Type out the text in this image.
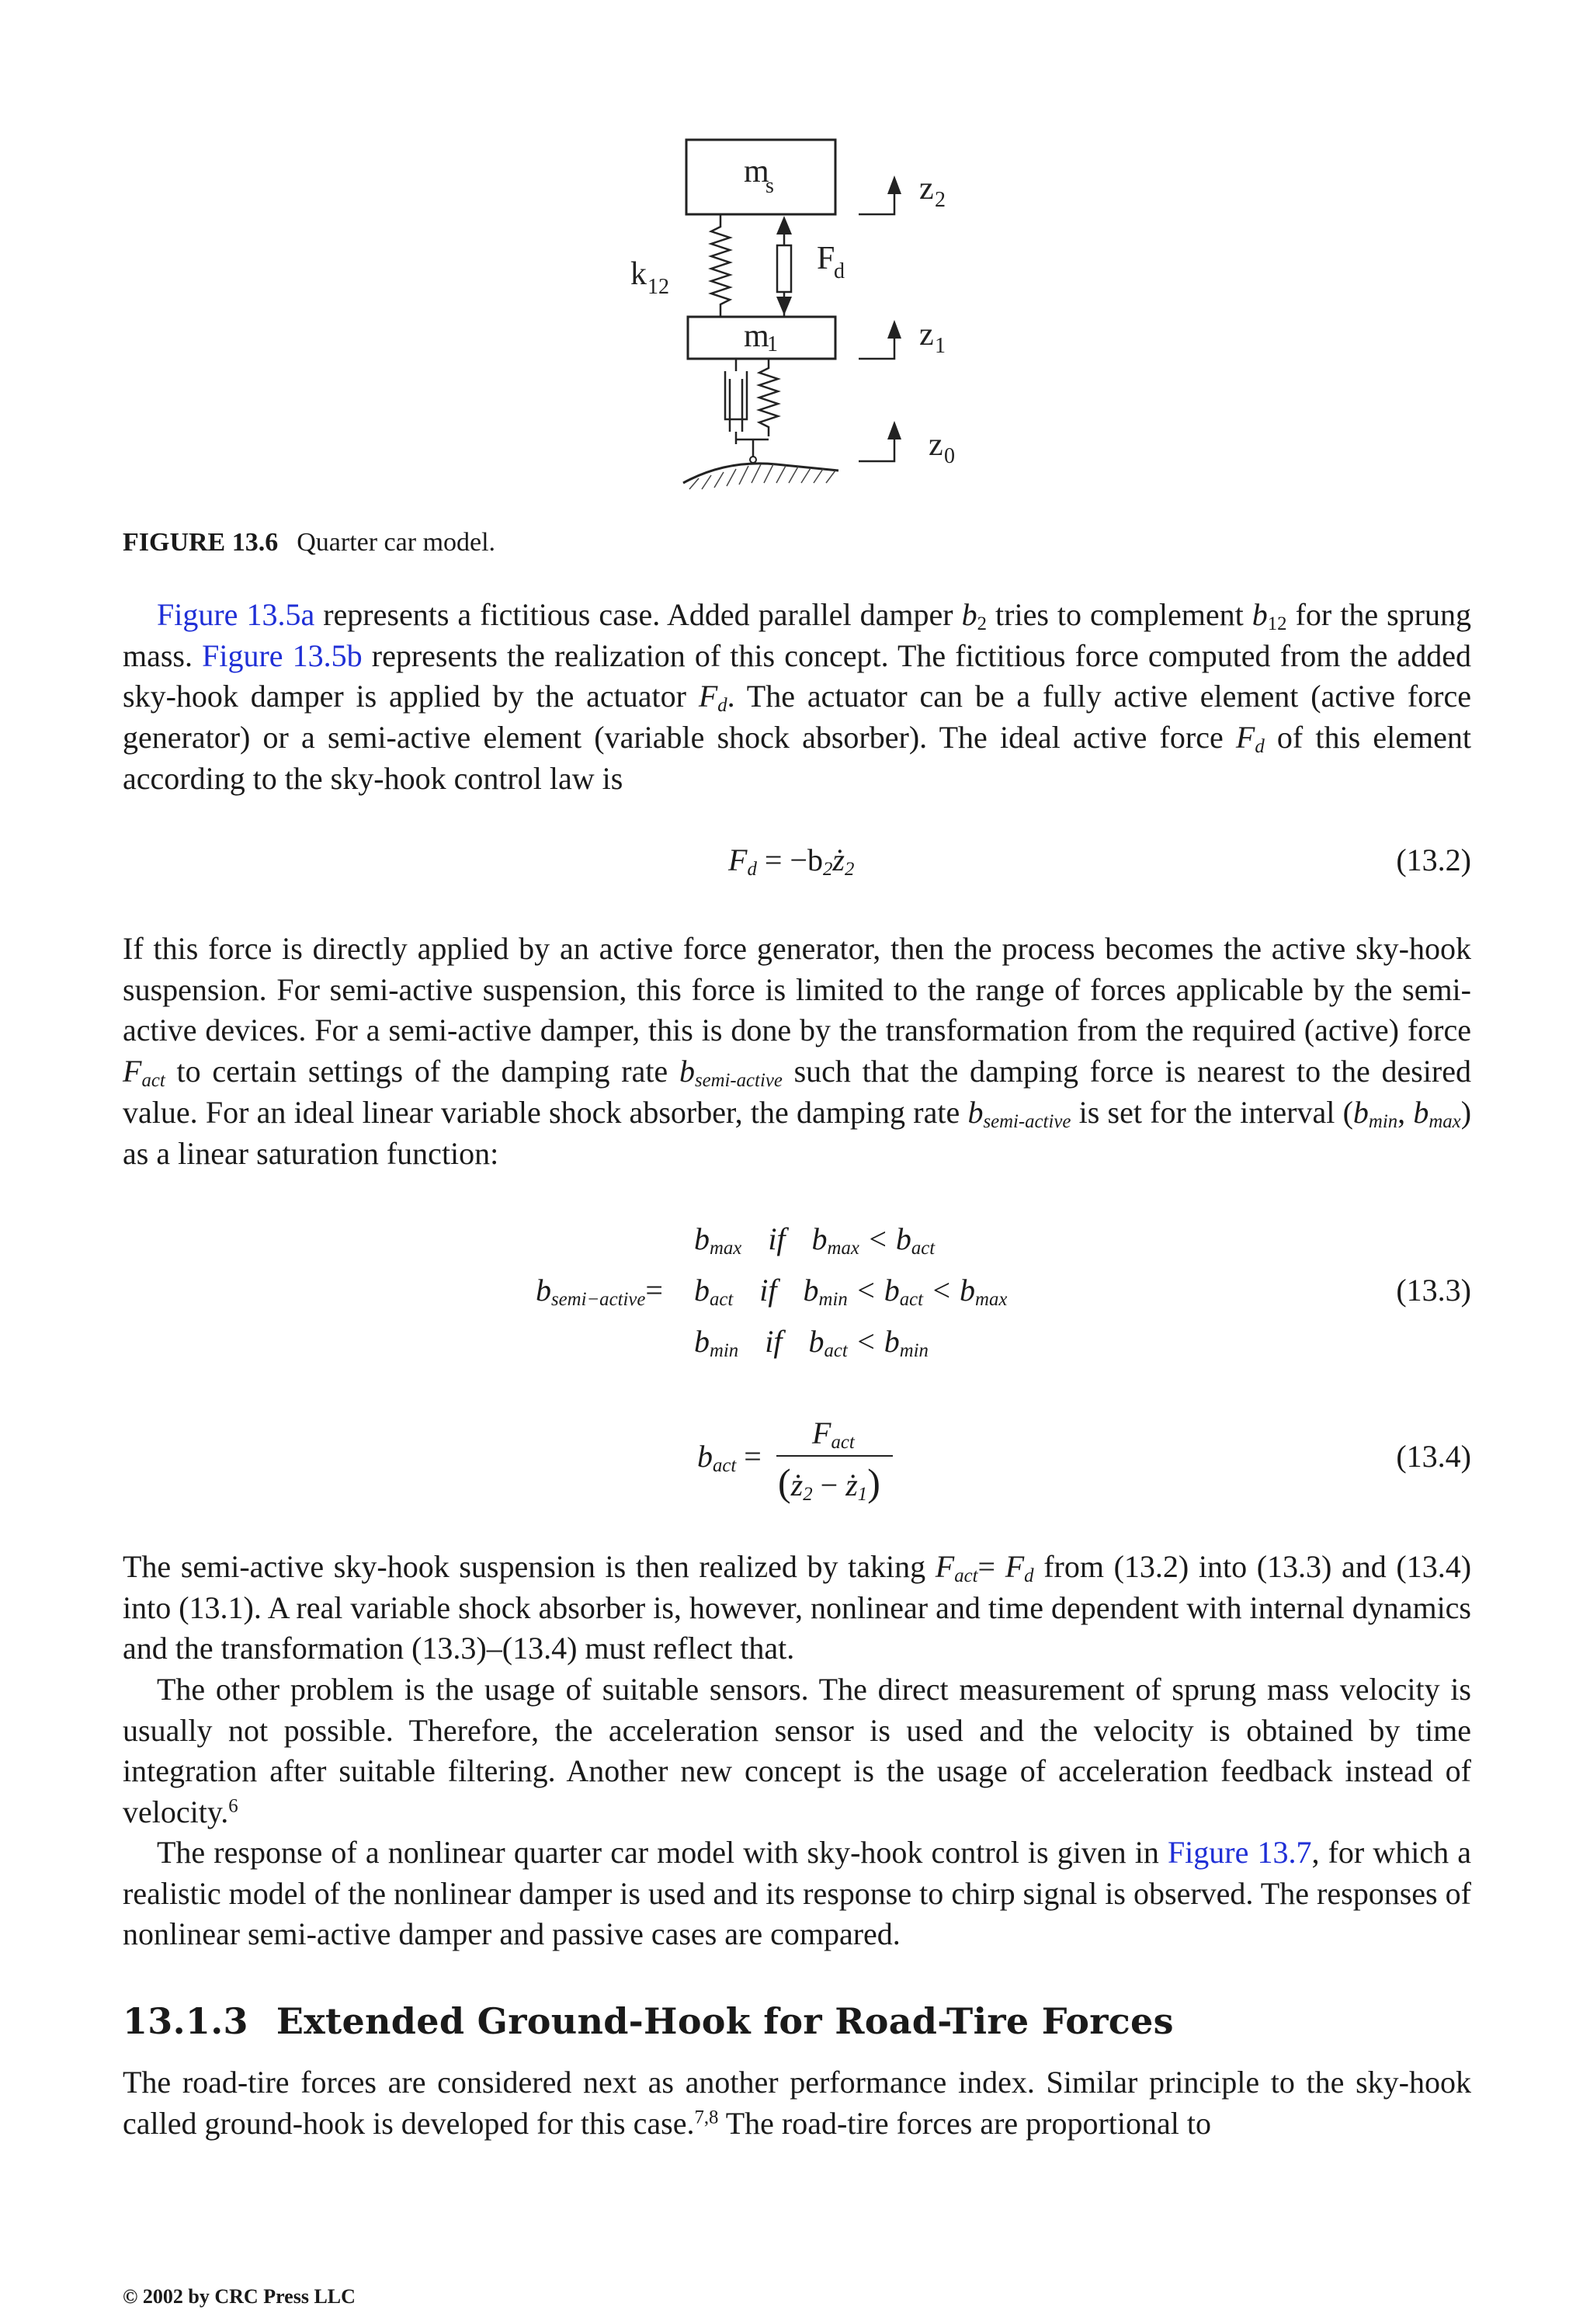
m
s
m
1
k 12
F
d
z 2
z 1
z 0
FIGURE 13.6 Quarter car model.

Figure 13.5a represents a fictitious case. Added parallel damper $b_2$ tries to complement $b_{12}$ for the sprung mass. Figure 13.5b represents the realization of this concept. The fictitious force computed from the added sky-hook damper is applied by the actuator $F_d$. The actuator can be a fully active element (active force generator) or a semi-active element (variable shock absorber). The ideal active force $F_d$ of this element according to the sky-hook control law is

$F_d$ = $-b_2ż_2$	(13.2)

If this force is directly applied by an active force generator, then the process becomes the active sky-hook suspension. For semi-active suspension, this force is limited to the range of forces applicable by the semi-active devices. For a semi-active damper, this is done by the transformation from the required (active) force $F_{act}$ to certain settings of the damping rate $b_{semi-active}$ such that the damping force is nearest to the desired value. For an ideal linear variable shock absorber, the damping rate $b_{semi-active}$ is set for the interval ($b_{min}$, $b_{max}$) as a linear saturation function:

$b_{semi-active}=$
$b_{max}$ if $b_{max} < b_{act}$
$b_{act}$ if $b_{min} < b_{act} < b_{max}$
$b_{min}$ if $b_{act} < b_{min}$
(13.3)
$b_{act}$ =
$F_{act}$
($ż_2$ − $ż_1$)
(13.4)

The semi-active sky-hook suspension is then realized by taking $F_{act}= F_d$ from (13.2) into (13.3) and (13.4) into (13.1). A real variable shock absorber is, however, nonlinear and time dependent with internal dynamics and the transformation (13.3)–(13.4) must reflect that.

The other problem is the usage of suitable sensors. The direct measurement of sprung mass velocity is usually not possible. Therefore, the acceleration sensor is used and the velocity is obtained by time integration after suitable filtering. Another new concept is the usage of acceleration feedback instead of velocity.$^6$

The response of a nonlinear quarter car model with sky-hook control is given in Figure 13.7, for which a realistic model of the nonlinear damper is used and its response to chirp signal is observed. The responses of nonlinear semi-active damper and passive cases are compared.

13.1.3 Extended Ground-Hook for Road-Tire Forces

The road-tire forces are considered next as another performance index. Similar principle to the sky-hook called ground-hook is developed for this case.$^{7,8}$ The road-tire forces are proportional to

© 2002 by CRC Press LLC
